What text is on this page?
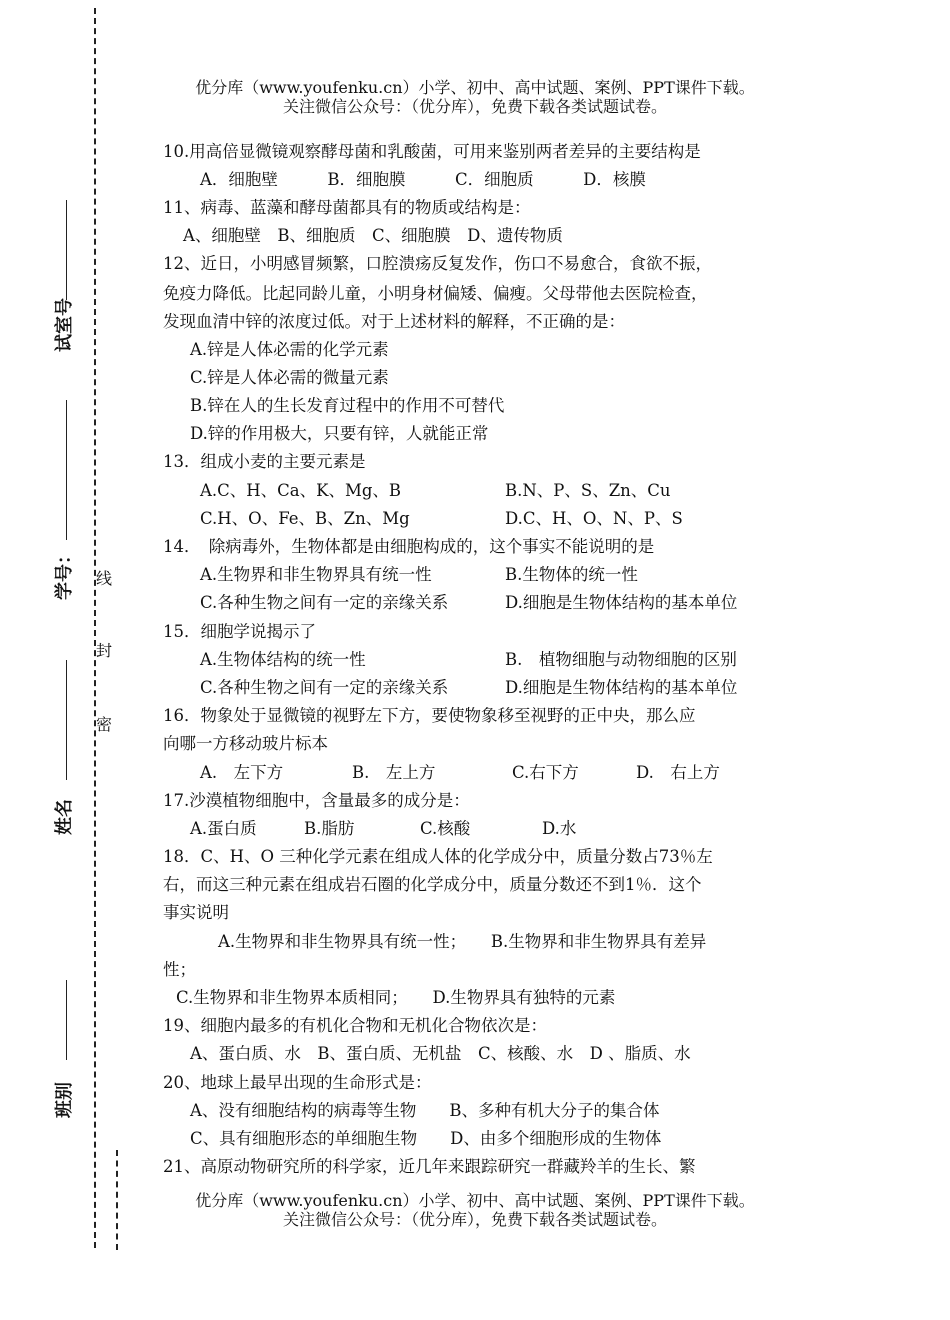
试室号
学号：
姓名
班别
线
封
密
优分库（www.youfenku.cn）小学、初中、高中试题、案例、PPT课件下载。
关注微信公众号：（优分库），免费下载各类试题试卷。
10.用高倍显微镜观察酵母菌和乳酸菌，可用来鉴别两者差异的主要结构是
A．细胞壁　　　B．细胞膜　　　C．细胞质　　　D．核膜
11、病毒、蓝藻和酵母菌都具有的物质或结构是：
A、细胞壁　B、细胞质　C、细胞膜　D、遗传物质
12、近日，小明感冒频繁，口腔溃疡反复发作，伤口不易愈合，食欲不振，
免疫力降低。比起同龄儿童，小明身材偏矮、偏瘦。父母带他去医院检查，
发现血清中锌的浓度过低。对于上述材料的解释，不正确的是：
A.锌是人体必需的化学元素
C.锌是人体必需的微量元素
B.锌在人的生长发育过程中的作用不可替代
D.锌的作用极大，只要有锌，人就能正常
13．组成小麦的主要元素是
A.C、H、Ca、K、Mg、B	B.N、P、S、Zn、Cu
C.H、O、Fe、B、Zn、Mg	D.C、H、O、N、P、S
14．　除病毒外，生物体都是由细胞构成的，这个事实不能说明的是
A.生物界和非生物界具有统一性	B.生物体的统一性
C.各种生物之间有一定的亲缘关系	D.细胞是生物体结构的基本单位
15．细胞学说揭示了
A.生物体结构的统一性	B.　植物细胞与动物细胞的区别
C.各种生物之间有一定的亲缘关系	D.细胞是生物体结构的基本单位
16．物象处于显微镜的视野左下方，要使物象移至视野的正中央，那么应
向哪一方移动玻片标本
A.　左下方	B.　左上方	C.右下方	D.　右上方
17.沙漠植物细胞中，含量最多的成分是：
A.蛋白质	B.脂肪	C.核酸	D.水
18．C、H、O 三种化学元素在组成人体的化学成分中，质量分数占73％左
右，而这三种元素在组成岩石圈的化学成分中，质量分数还不到1％．这个
事实说明
A.生物界和非生物界具有统一性；　　B.生物界和非生物界具有差异
性；
C.生物界和非生物界本质相同；　　D.生物界具有独特的元素
19、细胞内最多的有机化合物和无机化合物依次是：
A、蛋白质、水　B、蛋白质、无机盐　C、核酸、水　D 、脂质、水
20、地球上最早出现的生命形式是：
A、没有细胞结构的病毒等生物　　B、多种有机大分子的集合体
C、具有细胞形态的单细胞生物　　D、由多个细胞形成的生物体
21、高原动物研究所的科学家，近几年来跟踪研究一群藏羚羊的生长、繁
优分库（www.youfenku.cn）小学、初中、高中试题、案例、PPT课件下载。
关注微信公众号：（优分库），免费下载各类试题试卷。
